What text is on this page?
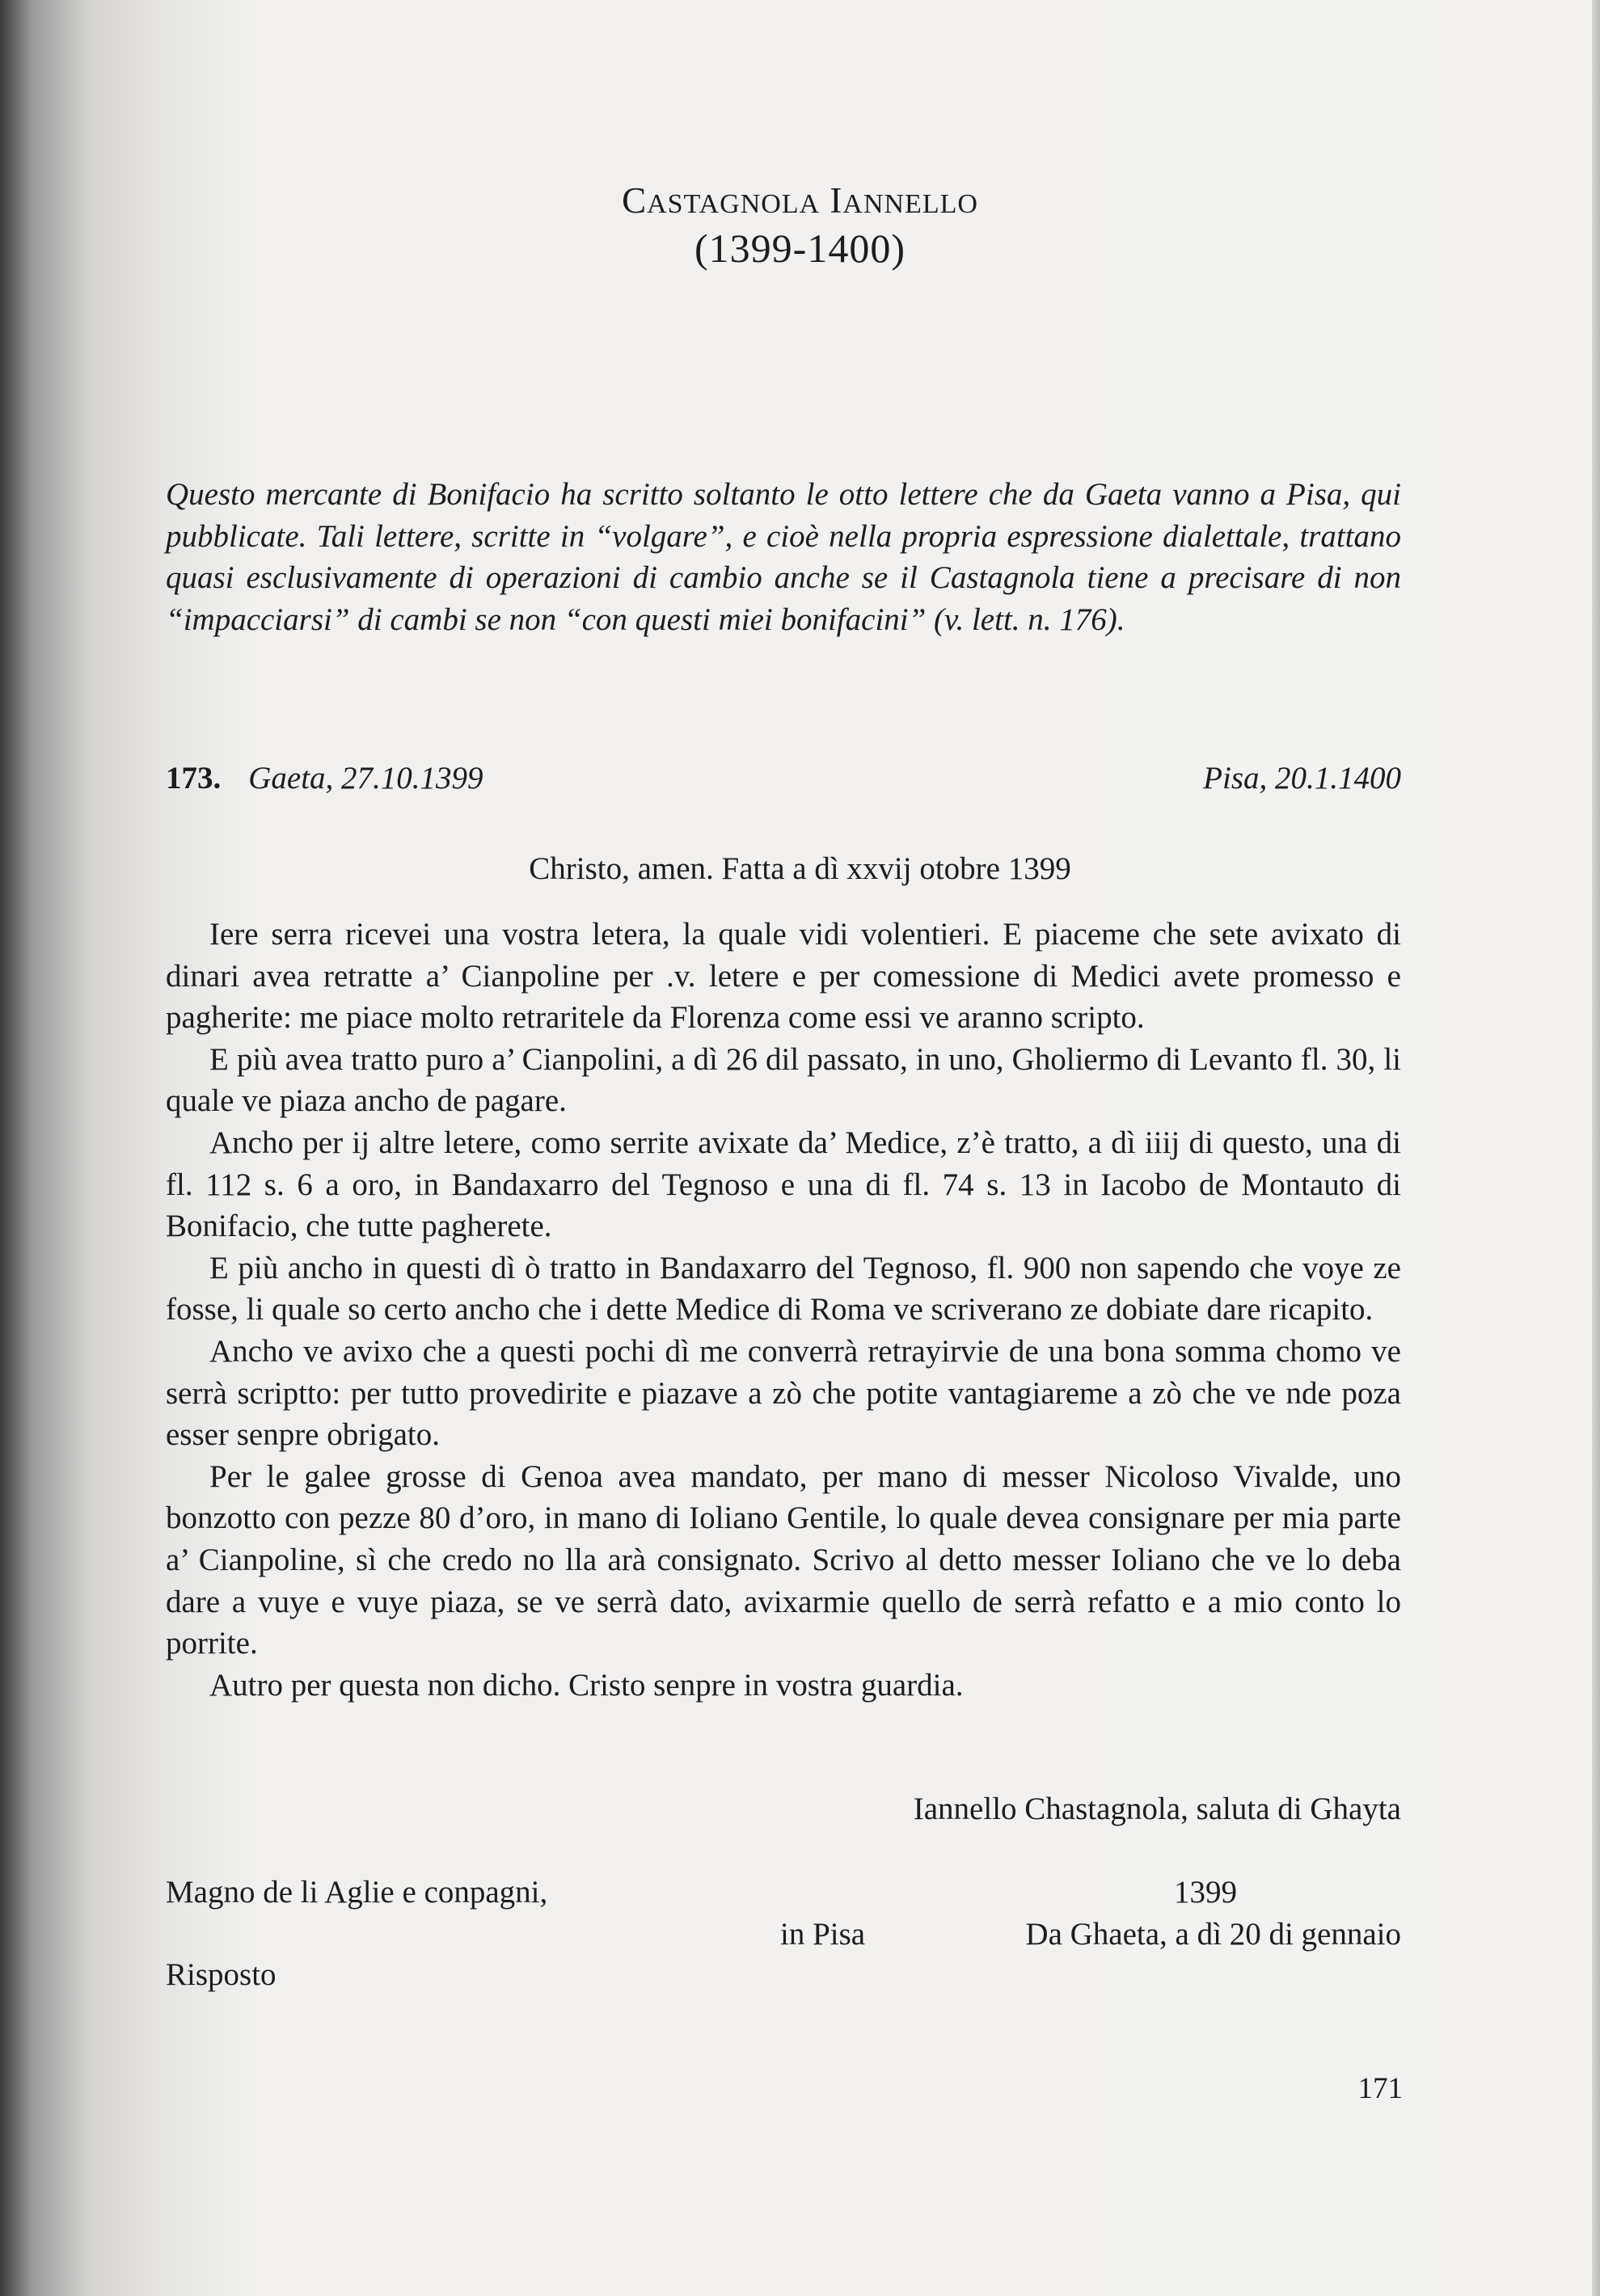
CASTAGNOLA IANNELLO
(1399-1400)

Questo mercante di Bonifacio ha scritto soltanto le otto lettere che da Gaeta vanno a Pisa, qui pubblicate. Tali lettere, scritte in “volgare”, e cioè nella propria espressione dialettale, trattano quasi esclusivamente di operazioni di cambio anche se il Castagnola tiene a precisare di non “impacciarsi” di cambi se non “con questi miei bonifacini” (v. lett. n. 176).

173. Gaeta, 27.10.1399	Pisa, 20.1.1400

Christo, amen. Fatta a dì xxvij otobre 1399

Iere serra ricevei una vostra letera, la quale vidi volentieri. E piaceme che sete avixato di dinari avea retratte a’ Cianpoline per .v. letere e per comessione di Medici avete promesso e pagherite: me piace molto retraritele da Florenza come essi ve aranno scripto.

E più avea tratto puro a’ Cianpolini, a dì 26 dil passato, in uno, Gholiermo di Levanto fl. 30, li quale ve piaza ancho de pagare.

Ancho per ij altre letere, como serrite avixate da’ Medice, z’è tratto, a dì iiij di questo, una di fl. 112 s. 6 a oro, in Bandaxarro del Tegnoso e una di fl. 74 s. 13 in Iacobo de Montauto di Bonifacio, che tutte pagherete.

E più ancho in questi dì ò tratto in Bandaxarro del Tegnoso, fl. 900 non sapendo che voye ze fosse, li quale so certo ancho che i dette Medice di Roma ve scriverano ze dobiate dare ricapito.

Ancho ve avixo che a questi pochi dì me converrà retrayirvie de una bona somma chomo ve serrà scriptto: per tutto provedirite e piazave a zò che potite vantagiareme a zò che ve nde poza esser senpre obrigato.

Per le galee grosse di Genoa avea mandato, per mano di messer Nicoloso Vivalde, uno bonzotto con pezze 80 d’oro, in mano di Ioliano Gentile, lo quale devea consignare per mia parte a’ Cianpoline, sì che credo no lla arà consignato. Scrivo al detto messer Ioliano che ve lo deba dare a vuye e vuye piaza, se ve serrà dato, avixarmie quello de serrà refatto e a mio conto lo porrite.

Autro per questa non dicho. Cristo senpre in vostra guardia.

Iannello Chastagnola, saluta di Ghayta
Magno de li Aglie e conpagni,	1399
in Pisa	Da Ghaeta, a dì 20 di gennaio
Risposto
171
